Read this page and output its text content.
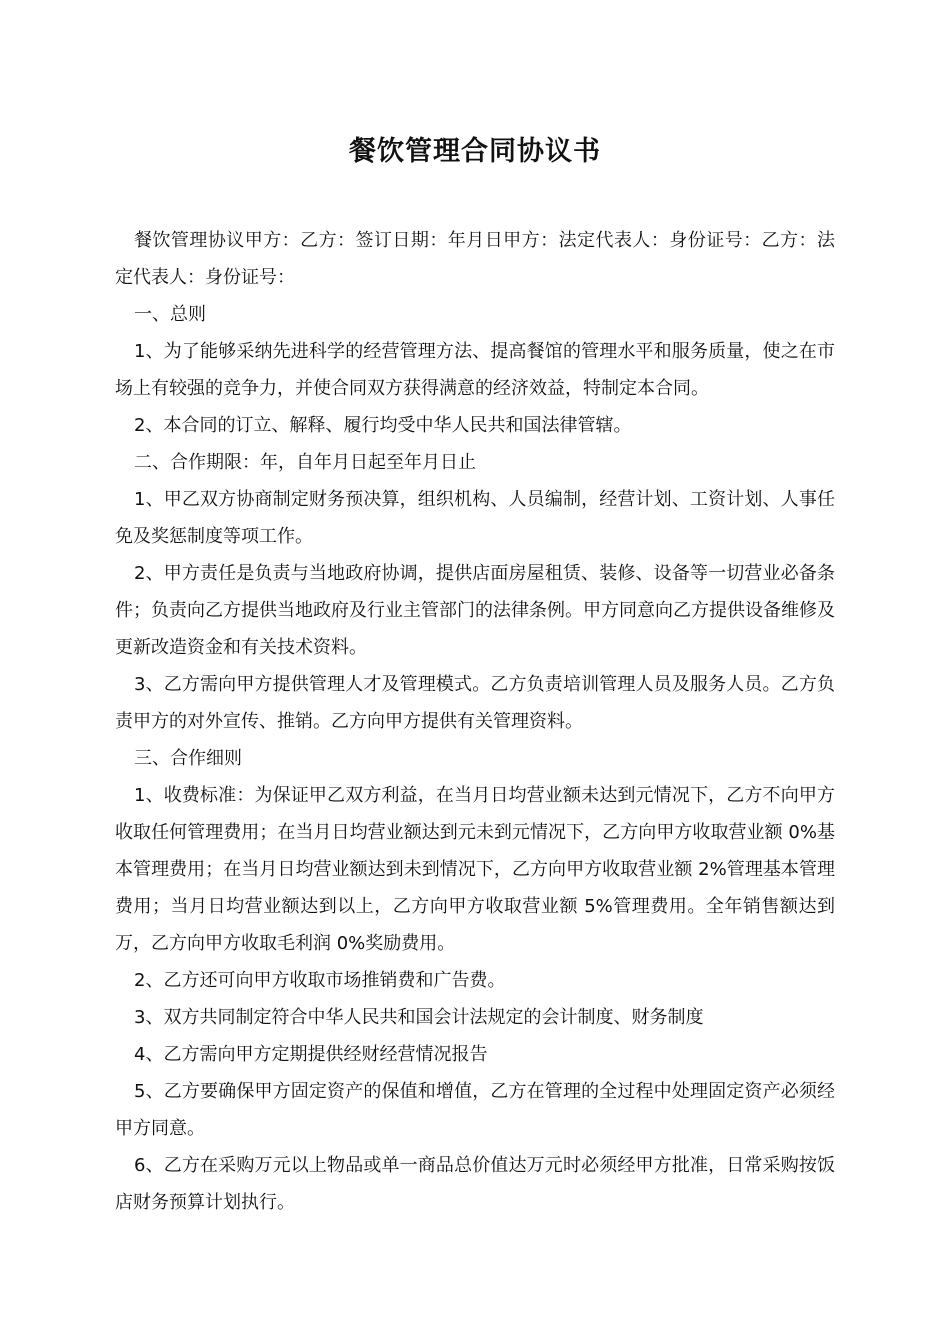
餐饮管理合同协议书

餐饮管理协议甲方：乙方：签订日期：年月日甲方：法定代表人：身份证号：乙方：法定代表人：身份证号：

一、总则

1、为了能够采纳先进科学的经营管理方法、提高餐馆的管理水平和服务质量，使之在市场上有较强的竞争力，并使合同双方获得满意的经济效益，特制定本合同。

2、本合同的订立、解释、履行均受中华人民共和国法律管辖。

二、合作期限：年，自年月日起至年月日止

1、甲乙双方协商制定财务预决算，组织机构、人员编制，经营计划、工资计划、人事任免及奖惩制度等项工作。

2、甲方责任是负责与当地政府协调，提供店面房屋租赁、装修、设备等一切营业必备条件；负责向乙方提供当地政府及行业主管部门的法律条例。甲方同意向乙方提供设备维修及更新改造资金和有关技术资料。

3、乙方需向甲方提供管理人才及管理模式。乙方负责培训管理人员及服务人员。乙方负责甲方的对外宣传、推销。乙方向甲方提供有关管理资料。

三、合作细则

1、收费标准：为保证甲乙双方利益，在当月日均营业额未达到元情况下，乙方不向甲方收取任何管理费用；在当月日均营业额达到元未到元情况下，乙方向甲方收取营业额 0%基本管理费用；在当月日均营业额达到未到情况下，乙方向甲方收取营业额 2%管理基本管理费用；当月日均营业额达到以上，乙方向甲方收取营业额 5%管理费用。全年销售额达到万，乙方向甲方收取毛利润 0%奖励费用。

2、乙方还可向甲方收取市场推销费和广告费。

3、双方共同制定符合中华人民共和国会计法规定的会计制度、财务制度

4、乙方需向甲方定期提供经财经营情况报告

5、乙方要确保甲方固定资产的保值和增值，乙方在管理的全过程中处理固定资产必须经甲方同意。

6、乙方在采购万元以上物品或单一商品总价值达万元时必须经甲方批准，日常采购按饭店财务预算计划执行。
